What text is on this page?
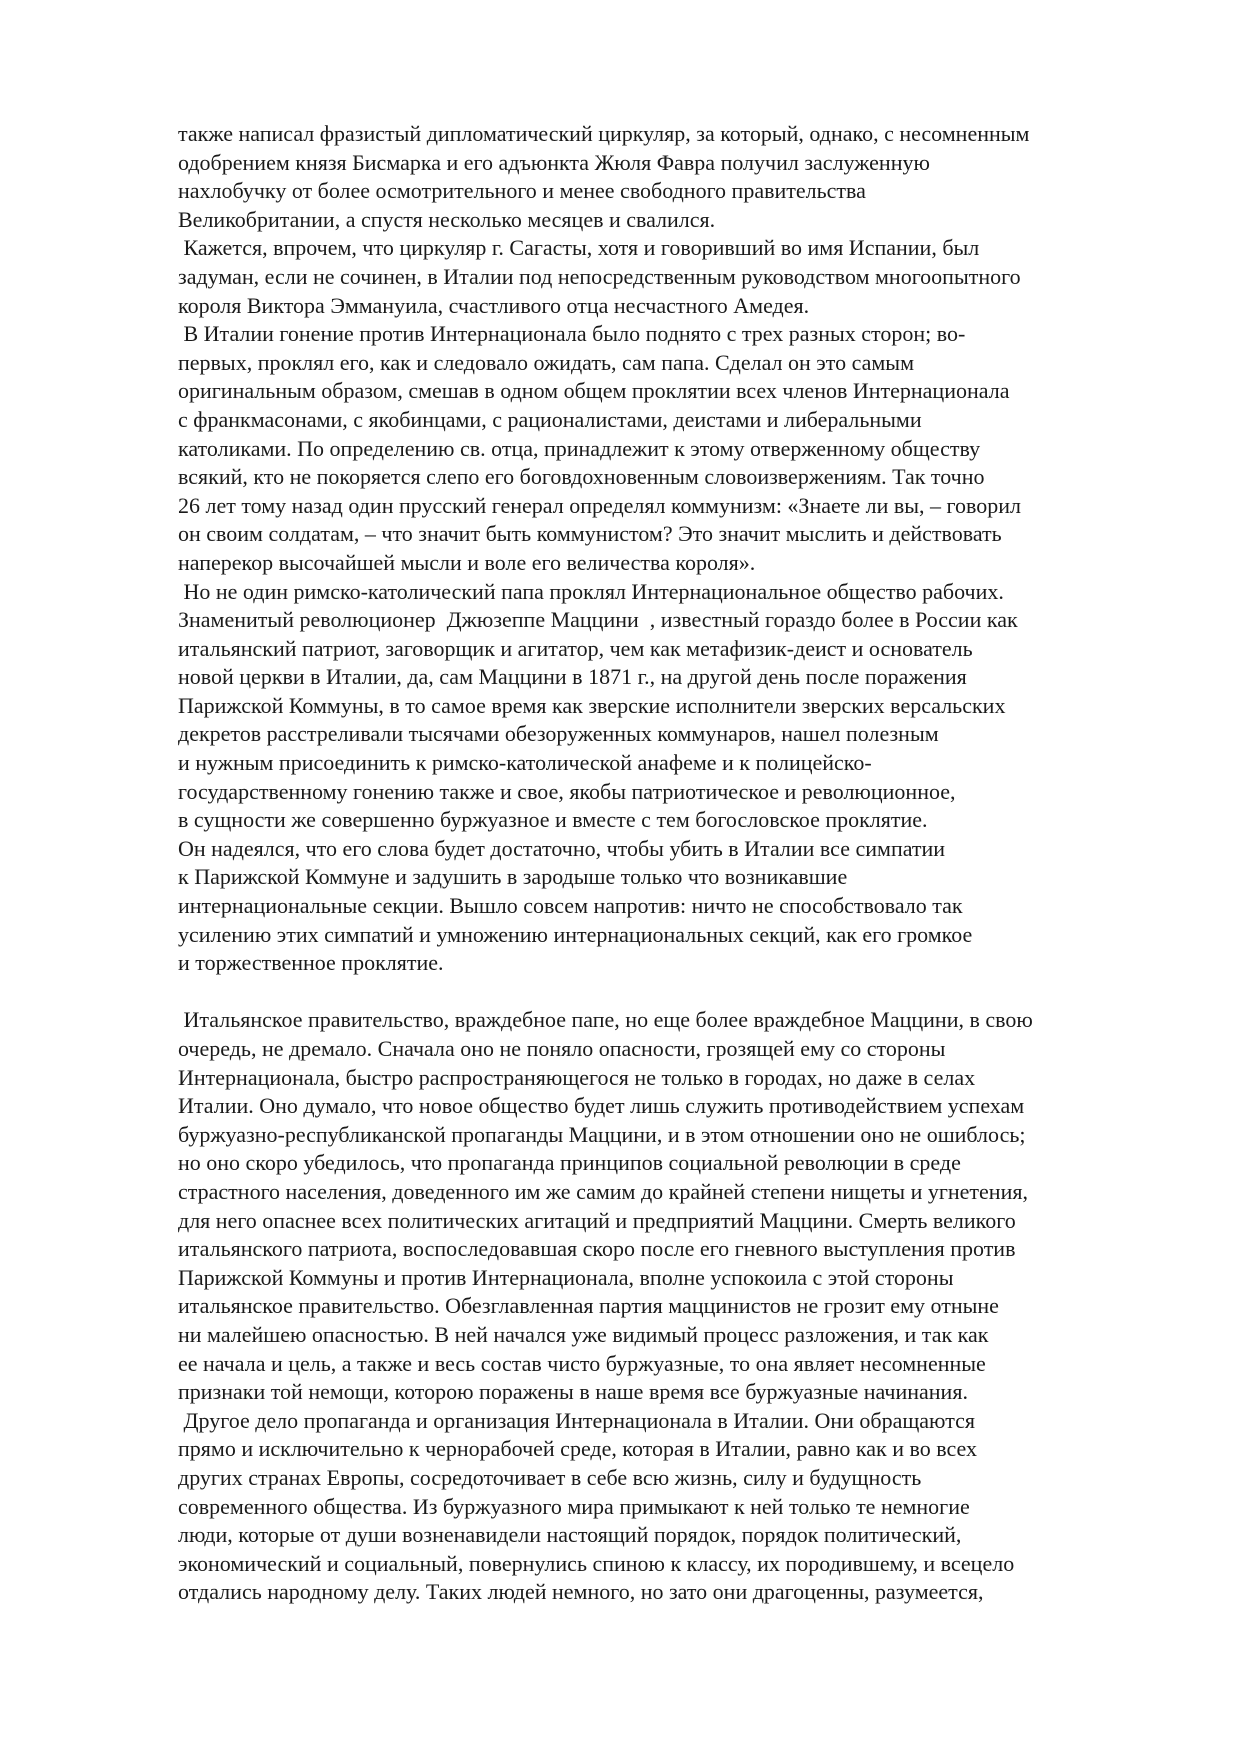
также написал фразистый дипломатический циркуляр, за который, однако, с несомненным
одобрением князя Бисмарка и его адъюнкта Жюля Фавра получил заслуженную
нахлобучку от более осмотрительного и менее свободного правительства
Великобритании, а спустя несколько месяцев и свалился.
Кажется, впрочем, что циркуляр г. Сагасты, хотя и говоривший во имя Испании, был
задуман, если не сочинен, в Италии под непосредственным руководством многоопытного
короля Виктора Эммануила, счастливого отца несчастного Амедея.
В Италии гонение против Интернационала было поднято с трех разных сторон; во-
первых, проклял его, как и следовало ожидать, сам папа. Сделал он это самым
оригинальным образом, смешав в одном общем проклятии всех членов Интернационала
с франкмасонами, с якобинцами, с рационалистами, деистами и либеральными
католиками. По определению св. отца, принадлежит к этому отверженному обществу
всякий, кто не покоряется слепо его боговдохновенным словоизвержениям. Так точно
26 лет тому назад один прусский генерал определял коммунизм: «Знаете ли вы, – говорил
он своим солдатам, – что значит быть коммунистом? Это значит мыслить и действовать
наперекор высочайшей мысли и воле его величества короля».
Но не один римско-католический папа проклял Интернациональное общество рабочих.
Знаменитый революционер  Джюзеппе Маццини  , известный гораздо более в России как
итальянский патриот, заговорщик и агитатор, чем как метафизик-деист и основатель
новой церкви в Италии, да, сам Маццини в 1871 г., на другой день после поражения
Парижской Коммуны, в то самое время как зверские исполнители зверских версальских
декретов расстреливали тысячами обезоруженных коммунаров, нашел полезным
и нужным присоединить к римско-католической анафеме и к полицейско-
государственному гонению также и свое, якобы патриотическое и революционное,
в сущности же совершенно буржуазное и вместе с тем богословское проклятие.
Он надеялся, что его слова будет достаточно, чтобы убить в Италии все симпатии
к Парижской Коммуне и задушить в зародыше только что возникавшие
интернациональные секции. Вышло совсем напротив: ничто не способствовало так
усилению этих симпатий и умножению интернациональных секций, как его громкое
и торжественное проклятие.
Итальянское правительство, враждебное папе, но еще более враждебное Маццини, в свою
очередь, не дремало. Сначала оно не поняло опасности, грозящей ему со стороны
Интернационала, быстро распространяющегося не только в городах, но даже в селах
Италии. Оно думало, что новое общество будет лишь служить противодействием успехам
буржуазно-республиканской пропаганды Маццини, и в этом отношении оно не ошиблось;
но оно скоро убедилось, что пропаганда принципов социальной революции в среде
страстного населения, доведенного им же самим до крайней степени нищеты и угнетения,
для него опаснее всех политических агитаций и предприятий Маццини. Смерть великого
итальянского патриота, воспоследовавшая скоро после его гневного выступления против
Парижской Коммуны и против Интернационала, вполне успокоила с этой стороны
итальянское правительство. Обезглавленная партия маццинистов не грозит ему отныне
ни малейшею опасностью. В ней начался уже видимый процесс разложения, и так как
ее начала и цель, а также и весь состав чисто буржуазные, то она являет несомненные
признаки той немощи, которою поражены в наше время все буржуазные начинания.
Другое дело пропаганда и организация Интернационала в Италии. Они обращаются
прямо и исключительно к чернорабочей среде, которая в Италии, равно как и во всех
других странах Европы, сосредоточивает в себе всю жизнь, силу и будущность
современного общества. Из буржуазного мира примыкают к ней только те немногие
люди, которые от души возненавидели настоящий порядок, порядок политический,
экономический и социальный, повернулись спиною к классу, их породившему, и всецело
отдались народному делу. Таких людей немного, но зато они драгоценны, разумеется,
